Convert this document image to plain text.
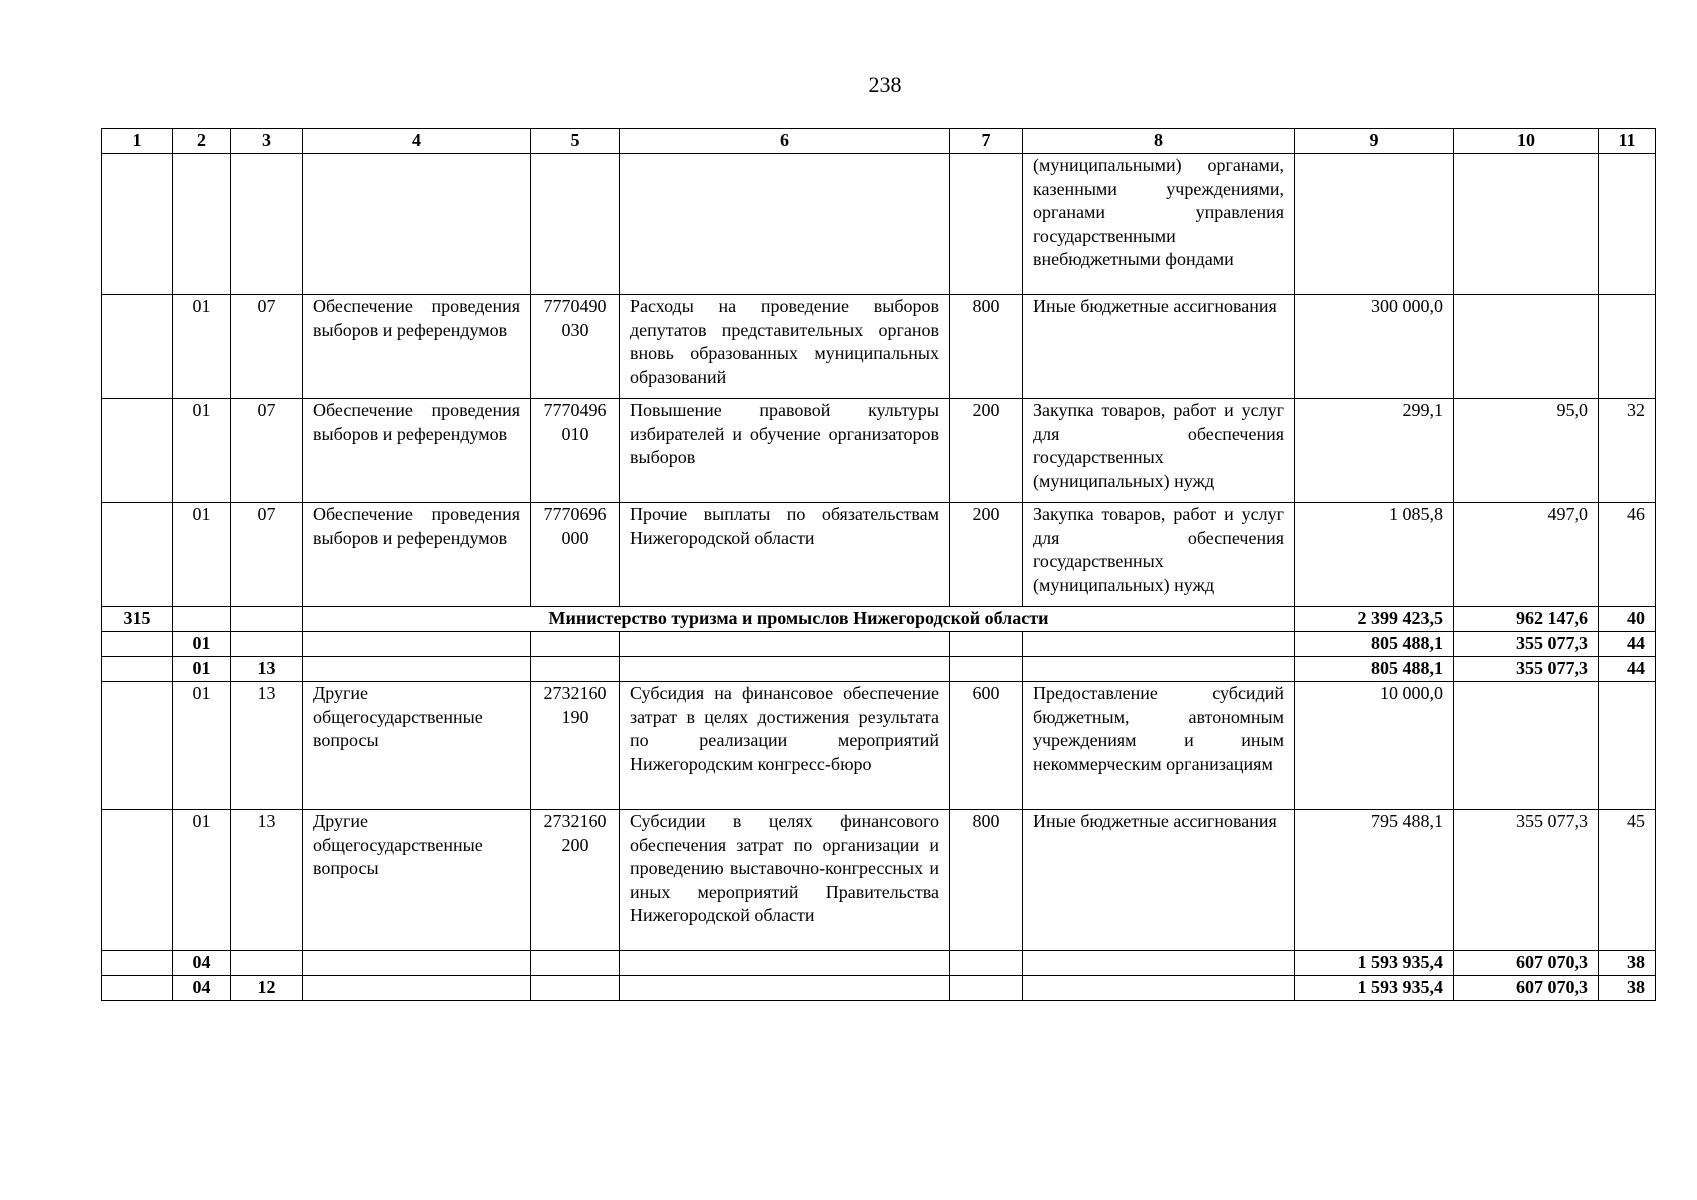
238
1	2	3	4	5	6	7	8	9	10	11
							(муниципальными) органами, казенными учреждениями, органами управления государственными внебюджетными фондами			
	01	07	Обеспечение проведения выборов и референдумов	7770490030	Расходы на проведение выборов депутатов представительных органов вновь образованных муниципальных образований	800	Иные бюджетные ассигнования	300 000,0		
	01	07	Обеспечение проведения выборов и референдумов	7770496010	Повышение правовой культуры избирателей и обучение организаторов выборов	200	Закупка товаров, работ и услуг для обеспечения государственных (муниципальных) нужд	299,1	95,0	32
	01	07	Обеспечение проведения выборов и референдумов	7770696000	Прочие выплаты по обязательствам Нижегородской области	200	Закупка товаров, работ и услуг для обеспечения государственных (муниципальных) нужд	1 085,8	497,0	46
315			Министерство туризма и промыслов Нижегородской области					2 399 423,5	962 147,6	40
	01							805 488,1	355 077,3	44
	01	13						805 488,1	355 077,3	44
	01	13	Другие общегосударственные вопросы	2732160190	Субсидия на финансовое обеспечение затрат в целях достижения результата по реализации мероприятий Нижегородским конгресс-бюро	600	Предоставление субсидий бюджетным, автономным учреждениям и иным некоммерческим организациям	10 000,0		
	01	13	Другие общегосударственные вопросы	2732160200	Субсидии в целях финансового обеспечения затрат по организации и проведению выставочно-конгрессных и иных мероприятий Правительства Нижегородской области	800	Иные бюджетные ассигнования	795 488,1	355 077,3	45
	04							1 593 935,4	607 070,3	38
	04	12						1 593 935,4	607 070,3	38
